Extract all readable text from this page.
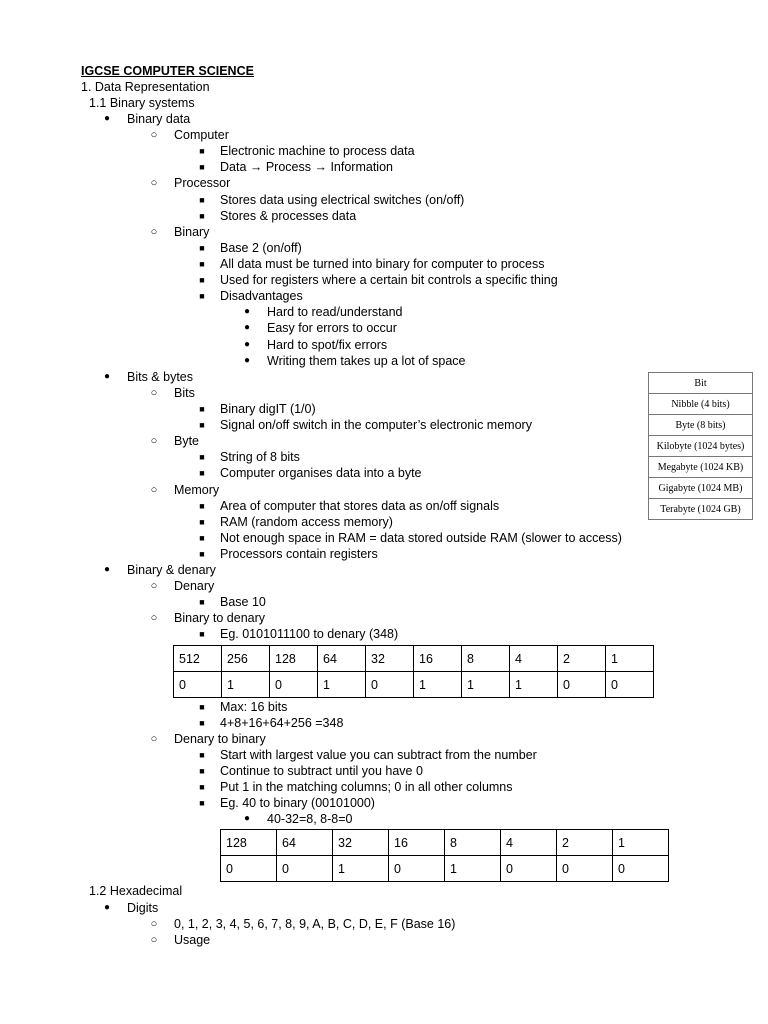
IGCSE COMPUTER SCIENCE
1. Data Representation
1.1 Binary systems
●	Binary data
○ Computer
■	Electronic machine to process data
■	Data → Process → Information
○ Processor
■	Stores data using electrical switches (on/off)
■	Stores & processes data
○ Binary
■	Base 2 (on/off)
■	All data must be turned into binary for computer to process
■	Used for registers where a certain bit controls a specific thing
■	Disadvantages
●	Hard to read/understand
●	Easy for errors to occur
●	Hard to spot/fix errors
●	Writing them takes up a lot of space
●	Bits & bytes
○ Bits
■	Binary digIT (1/0)
■	Signal on/off switch in the computer’s electronic memory
○ Byte
■	String of 8 bits
■	Computer organises data into a byte
○ Memory
■	Area of computer that stores data as on/off signals
■	RAM (random access memory)
■	Not enough space in RAM = data stored outside RAM (slower to access)
■	Processors contain registers
Bit
Nibble (4 bits)
Byte (8 bits)
Kilobyte (1024 bytes)
Megabyte (1024 KB)
Gigabyte (1024 MB)
Terabyte (1024 GB)
●	Binary & denary
○ Denary
■	Base 10
○ Binary to denary
■	Eg. 0101011100 to denary (348)
512	256	128	64	32	16	8	4	2	1
0	1	0	1	0	1	1	1	0	0
■	Max: 16 bits
■	4+8+16+64+256 =348
○ Denary to binary
■	Start with largest value you can subtract from the number
■	Continue to subtract until you have 0
■	Put 1 in the matching columns; 0 in all other columns
■	Eg. 40 to binary (00101000)
●	40-32=8, 8-8=0
128	64	32	16	8	4	2	1
0	0	1	0	1	0	0	0
1.2 Hexadecimal
●	Digits
○ 0, 1, 2, 3, 4, 5, 6, 7, 8, 9, A, B, C, D, E, F (Base 16)
○ Usage
